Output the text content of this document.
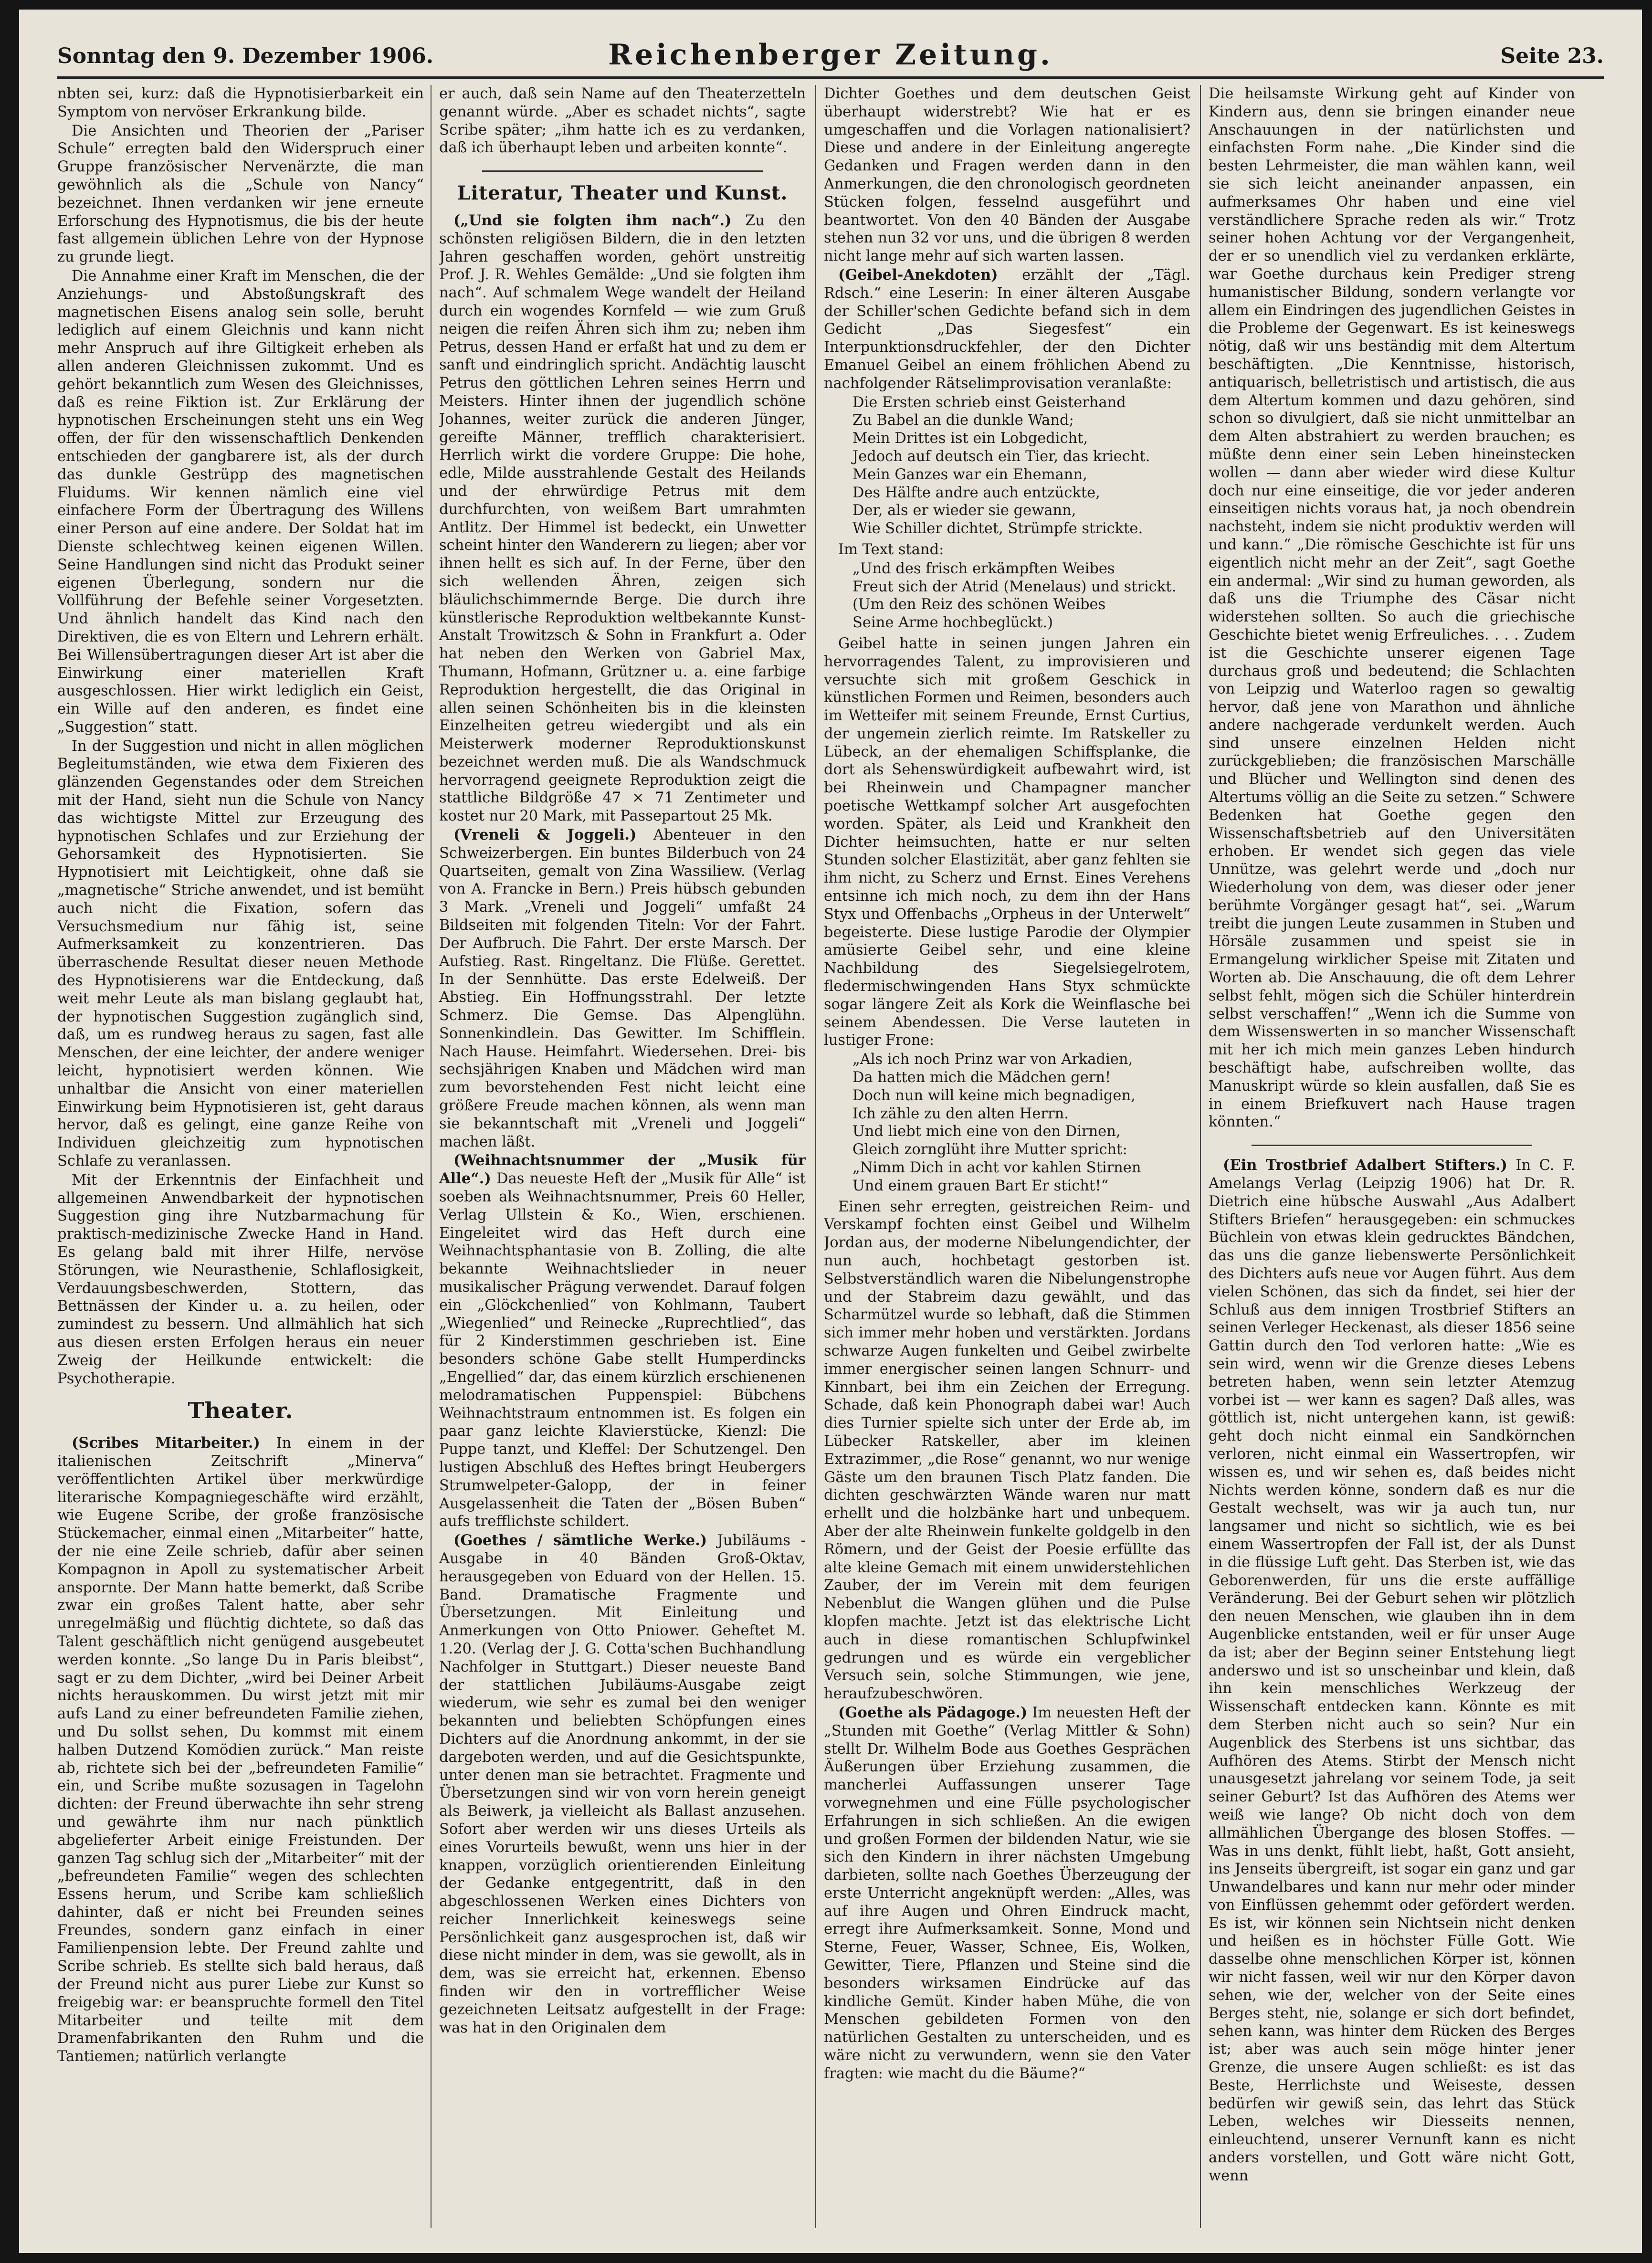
Sonntag den 9. Dezember 1906.	Reichenberger Zeitung.	Seite 23.

nbten sei, kurz: daß die Hypnotisierbarkeit ein Symptom von nervöser Erkrankung bilde.

Die Ansichten und Theorien der „Pariser Schule“ erregten bald den Widerspruch einer Gruppe französischer Nervenärzte, die man gewöhnlich als die „Schule von Nancy“ bezeichnet. Ihnen verdanken wir jene erneute Erforschung des Hypnotismus, die bis der heute fast allgemein üblichen Lehre von der Hypnose zu grunde liegt.

Die Annahme einer Kraft im Menschen, die der Anziehungs- und Abstoßungskraft des magnetischen Eisens analog sein solle, beruht lediglich auf einem Gleichnis und kann nicht mehr Anspruch auf ihre Giltigkeit erheben als allen anderen Gleichnissen zukommt. Und es gehört bekanntlich zum Wesen des Gleichnisses, daß es reine Fiktion ist. Zur Erklärung der hypnotischen Erscheinungen steht uns ein Weg offen, der für den wissenschaftlich Denkenden entschieden der gangbarere ist, als der durch das dunkle Gestrüpp des magnetischen Fluidums. Wir kennen nämlich eine viel einfachere Form der Übertragung des Willens einer Person auf eine andere. Der Soldat hat im Dienste schlechtweg keinen eigenen Willen. Seine Handlungen sind nicht das Produkt seiner eigenen Überlegung, sondern nur die Vollführung der Befehle seiner Vorgesetzten. Und ähnlich handelt das Kind nach den Direktiven, die es von Eltern und Lehrern erhält. Bei Willensübertragungen dieser Art ist aber die Einwirkung einer materiellen Kraft ausgeschlossen. Hier wirkt lediglich ein Geist, ein Wille auf den anderen, es findet eine „Suggestion“ statt.

In der Suggestion und nicht in allen möglichen Begleitumständen, wie etwa dem Fixieren des glänzenden Gegenstandes oder dem Streichen mit der Hand, sieht nun die Schule von Nancy das wichtigste Mittel zur Erzeugung des hypnotischen Schlafes und zur Erziehung der Gehorsamkeit des Hypnotisierten. Sie Hypnotisiert mit Leichtigkeit, ohne daß sie „magnetische“ Striche anwendet, und ist bemüht auch nicht die Fixation, sofern das Versuchsmedium nur fähig ist, seine Aufmerksamkeit zu konzentrieren. Das überraschende Resultat dieser neuen Methode des Hypnotisierens war die Entdeckung, daß weit mehr Leute als man bislang geglaubt hat, der hypnotischen Suggestion zugänglich sind, daß, um es rundweg heraus zu sagen, fast alle Menschen, der eine leichter, der andere weniger leicht, hypnotisiert werden können. Wie unhaltbar die Ansicht von einer materiellen Einwirkung beim Hypnotisieren ist, geht daraus hervor, daß es gelingt, eine ganze Reihe von Individuen gleichzeitig zum hypnotischen Schlafe zu veranlassen.

Mit der Erkenntnis der Einfachheit und allgemeinen Anwendbarkeit der hypnotischen Suggestion ging ihre Nutzbarmachung für praktisch-medizinische Zwecke Hand in Hand. Es gelang bald mit ihrer Hilfe, nervöse Störungen, wie Neurasthenie, Schlaflosigkeit, Verdauungsbeschwerden, Stottern, das Bettnässen der Kinder u. a. zu heilen, oder zumindest zu bessern. Und allmählich hat sich aus diesen ersten Erfolgen heraus ein neuer Zweig der Heilkunde entwickelt: die Psychotherapie.

Theater.

(Scribes Mitarbeiter.) In einem in der italienischen Zeitschrift „Minerva“ veröffentlichten Artikel über merkwürdige literarische Kompagniegeschäfte wird erzählt, wie Eugene Scribe, der große französische Stückemacher, einmal einen „Mitarbeiter“ hatte, der nie eine Zeile schrieb, dafür aber seinen Kompagnon in Apoll zu systematischer Arbeit anspornte. Der Mann hatte bemerkt, daß Scribe zwar ein großes Talent hatte, aber sehr unregelmäßig und flüchtig dichtete, so daß das Talent geschäftlich nicht genügend ausgebeutet werden konnte. „So lange Du in Paris bleibst“, sagt er zu dem Dichter, „wird bei Deiner Arbeit nichts herauskommen. Du wirst jetzt mit mir aufs Land zu einer befreundeten Familie ziehen, und Du sollst sehen, Du kommst mit einem halben Dutzend Komödien zurück.“ Man reiste ab, richtete sich bei der „befreundeten Familie“ ein, und Scribe mußte sozusagen in Tagelohn dichten: der Freund überwachte ihn sehr streng und gewährte ihm nur nach pünktlich abgelieferter Arbeit einige Freistunden. Der ganzen Tag schlug sich der „Mitarbeiter“ mit der „befreundeten Familie“ wegen des schlechten Essens herum, und Scribe kam schließlich dahinter, daß er nicht bei Freunden seines Freundes, sondern ganz einfach in einer Familienpension lebte. Der Freund zahlte und Scribe schrieb. Es stellte sich bald heraus, daß der Freund nicht aus purer Liebe zur Kunst so freigebig war: er beanspruchte formell den Titel Mitarbeiter und teilte mit dem Dramenfabrikanten den Ruhm und die Tantiemen; natürlich verlangte

er auch, daß sein Name auf den Theaterzetteln genannt würde. „Aber es schadet nichts“, sagte Scribe später; „ihm hatte ich es zu verdanken, daß ich überhaupt leben und arbeiten konnte“.

Literatur, Theater und Kunst.

(„Und sie folgten ihm nach“.) Zu den schönsten religiösen Bildern, die in den letzten Jahren geschaffen worden, gehört unstreitig Prof. J. R. Wehles Gemälde: „Und sie folgten ihm nach“. Auf schmalem Wege wandelt der Heiland durch ein wogendes Kornfeld — wie zum Gruß neigen die reifen Ähren sich ihm zu; neben ihm Petrus, dessen Hand er erfaßt hat und zu dem er sanft und eindringlich spricht. Andächtig lauscht Petrus den göttlichen Lehren seines Herrn und Meisters. Hinter ihnen der jugendlich schöne Johannes, weiter zurück die anderen Jünger, gereifte Männer, trefflich charakterisiert. Herrlich wirkt die vordere Gruppe: Die hohe, edle, Milde ausstrahlende Gestalt des Heilands und der ehrwürdige Petrus mit dem durchfurchten, von weißem Bart umrahmten Antlitz. Der Himmel ist bedeckt, ein Unwetter scheint hinter den Wanderern zu liegen; aber vor ihnen hellt es sich auf. In der Ferne, über den sich wellenden Ähren, zeigen sich bläulichschimmernde Berge. Die durch ihre künstlerische Reproduktion weltbekannte Kunst-Anstalt Trowitzsch & Sohn in Frankfurt a. Oder hat neben den Werken von Gabriel Max, Thumann, Hofmann, Grützner u. a. eine farbige Reproduktion hergestellt, die das Original in allen seinen Schönheiten bis in die kleinsten Einzelheiten getreu wiedergibt und als ein Meisterwerk moderner Reproduktionskunst bezeichnet werden muß. Die als Wandschmuck hervorragend geeignete Reproduktion zeigt die stattliche Bildgröße 47 × 71 Zentimeter und kostet nur 20 Mark, mit Passepartout 25 Mk.

(Vreneli & Joggeli.) Abenteuer in den Schweizerbergen. Ein buntes Bilderbuch von 24 Quartseiten, gemalt von Zina Wassiliew. (Verlag von A. Francke in Bern.) Preis hübsch gebunden 3 Mark. „Vreneli und Joggeli“ umfaßt 24 Bildseiten mit folgenden Titeln: Vor der Fahrt. Der Aufbruch. Die Fahrt. Der erste Marsch. Der Aufstieg. Rast. Ringeltanz. Die Flüße. Gerettet. In der Sennhütte. Das erste Edelweiß. Der Abstieg. Ein Hoffnungsstrahl. Der letzte Schmerz. Die Gemse. Das Alpenglühn. Sonnenkindlein. Das Gewitter. Im Schifflein. Nach Hause. Heimfahrt. Wiedersehen. Drei- bis sechsjährigen Knaben und Mädchen wird man zum bevorstehenden Fest nicht leicht eine größere Freude machen können, als wenn man sie bekanntschaft mit „Vreneli und Joggeli“ machen läßt.

(Weihnachtsnummer der „Musik für Alle“.) Das neueste Heft der „Musik für Alle“ ist soeben als Weihnachtsnummer, Preis 60 Heller, Verlag Ullstein & Ko., Wien, erschienen. Eingeleitet wird das Heft durch eine Weihnachtsphantasie von B. Zolling, die alte bekannte Weihnachtslieder in neuer musikalischer Prägung verwendet. Darauf folgen ein „Glöckchenlied“ von Kohlmann, Taubert „Wiegenlied“ und Reinecke „Ruprechtlied“, das für 2 Kinderstimmen geschrieben ist. Eine besonders schöne Gabe stellt Humperdincks „Engellied“ dar, das einem kürzlich erschienenen melodramatischen Puppenspiel: Bübchens Weihnachtstraum entnommen ist. Es folgen ein paar ganz leichte Klavierstücke, Kienzl: Die Puppe tanzt, und Kleffel: Der Schutzengel. Den lustigen Abschluß des Heftes bringt Heubergers Strumwelpeter-Galopp, der in feiner Ausgelassenheit die Taten der „Bösen Buben“ aufs trefflichste schildert.

(Goethes / sämtliche Werke.) Jubiläums - Ausgabe in 40 Bänden Groß-Oktav, herausgegeben von Eduard von der Hellen. 15. Band. Dramatische Fragmente und Übersetzungen. Mit Einleitung und Anmerkungen von Otto Pniower. Geheftet M. 1.20. (Verlag der J. G. Cotta'schen Buchhandlung Nachfolger in Stuttgart.) Dieser neueste Band der stattlichen Jubiläums-Ausgabe zeigt wiederum, wie sehr es zumal bei den weniger bekannten und beliebten Schöpfungen eines Dichters auf die Anordnung ankommt, in der sie dargeboten werden, und auf die Gesichtspunkte, unter denen man sie betrachtet. Fragmente und Übersetzungen sind wir von vorn herein geneigt als Beiwerk, ja vielleicht als Ballast anzusehen. Sofort aber werden wir uns dieses Urteils als eines Vorurteils bewußt, wenn uns hier in der knappen, vorzüglich orientierenden Einleitung der Gedanke entgegentritt, daß in den abgeschlossenen Werken eines Dichters von reicher Innerlichkeit keineswegs seine Persönlichkeit ganz ausgesprochen ist, daß wir diese nicht minder in dem, was sie gewollt, als in dem, was sie erreicht hat, erkennen. Ebenso finden wir den in vortrefflicher Weise gezeichneten Leitsatz aufgestellt in der Frage: was hat in den Originalen dem

Dichter Goethes und dem deutschen Geist überhaupt widerstrebt? Wie hat er es umgeschaffen und die Vorlagen nationalisiert? Diese und andere in der Einleitung angeregte Gedanken und Fragen werden dann in den Anmerkungen, die den chronologisch geordneten Stücken folgen, fesselnd ausgeführt und beantwortet. Von den 40 Bänden der Ausgabe stehen nun 32 vor uns, und die übrigen 8 werden nicht lange mehr auf sich warten lassen.

(Geibel-Anekdoten) erzählt der „Tägl. Rdsch.“ eine Leserin: In einer älteren Ausgabe der Schiller'schen Gedichte befand sich in dem Gedicht „Das Siegesfest“ ein Interpunktionsdruckfehler, der den Dichter Emanuel Geibel an einem fröhlichen Abend zu nachfolgender Rätselimprovisation veranlaßte:

Die Ersten schrieb einst Geisterhand
Zu Babel an die dunkle Wand;
Mein Drittes ist ein Lobgedicht,
Jedoch auf deutsch ein Tier, das kriecht.
Mein Ganzes war ein Ehemann,
Des Hälfte andre auch entzückte,
Der, als er wieder sie gewann,
Wie Schiller dichtet, Strümpfe strickte.

Im Text stand:

„Und des frisch erkämpften Weibes
Freut sich der Atrid (Menelaus) und strickt.
(Um den Reiz des schönen Weibes
Seine Arme hochbeglückt.)

Geibel hatte in seinen jungen Jahren ein hervorragendes Talent, zu improvisieren und versuchte sich mit großem Geschick in künstlichen Formen und Reimen, besonders auch im Wetteifer mit seinem Freunde, Ernst Curtius, der ungemein zierlich reimte. Im Ratskeller zu Lübeck, an der ehemaligen Schiffsplanke, die dort als Sehenswürdigkeit aufbewahrt wird, ist bei Rheinwein und Champagner mancher poetische Wettkampf solcher Art ausgefochten worden. Später, als Leid und Krankheit den Dichter heimsuchten, hatte er nur selten Stunden solcher Elastizität, aber ganz fehlten sie ihm nicht, zu Scherz und Ernst. Eines Verehens entsinne ich mich noch, zu dem ihn der Hans Styx und Offenbachs „Orpheus in der Unterwelt“ begeisterte. Diese lustige Parodie der Olympier amüsierte Geibel sehr, und eine kleine Nachbildung des Siegelsiegelrotem, fledermischwingenden Hans Styx schmückte sogar längere Zeit als Kork die Weinflasche bei seinem Abendessen. Die Verse lauteten in lustiger Frone:

„Als ich noch Prinz war von Arkadien,
Da hatten mich die Mädchen gern!
Doch nun will keine mich begnadigen,
Ich zähle zu den alten Herrn.
Und liebt mich eine von den Dirnen,
Gleich zornglüht ihre Mutter spricht:
„Nimm Dich in acht vor kahlen Stirnen
Und einem grauen Bart Er sticht!“

Einen sehr erregten, geistreichen Reim- und Verskampf fochten einst Geibel und Wilhelm Jordan aus, der moderne Nibelungendichter, der nun auch, hochbetagt gestorben ist. Selbstverständlich waren die Nibelungenstrophe und der Stabreim dazu gewählt, und das Scharmützel wurde so lebhaft, daß die Stimmen sich immer mehr hoben und verstärkten. Jordans schwarze Augen funkelten und Geibel zwirbelte immer energischer seinen langen Schnurr- und Kinnbart, bei ihm ein Zeichen der Erregung. Schade, daß kein Phonograph dabei war! Auch dies Turnier spielte sich unter der Erde ab, im Lübecker Ratskeller, aber im kleinen Extrazimmer, „die Rose“ genannt, wo nur wenige Gäste um den braunen Tisch Platz fanden. Die dichten geschwärzten Wände waren nur matt erhellt und die holzbänke hart und unbequem. Aber der alte Rheinwein funkelte goldgelb in den Römern, und der Geist der Poesie erfüllte das alte kleine Gemach mit einem unwiderstehlichen Zauber, der im Verein mit dem feurigen Nebenblut die Wangen glühen und die Pulse klopfen machte. Jetzt ist das elektrische Licht auch in diese romantischen Schlupfwinkel gedrungen und es würde ein vergeblicher Versuch sein, solche Stimmungen, wie jene, heraufzubeschwören.

(Goethe als Pädagoge.) Im neuesten Heft der „Stunden mit Goethe“ (Verlag Mittler & Sohn) stellt Dr. Wilhelm Bode aus Goethes Gesprächen Äußerungen über Erziehung zusammen, die mancherlei Auffassungen unserer Tage vorwegnehmen und eine Fülle psychologischer Erfahrungen in sich schließen. An die ewigen und großen Formen der bildenden Natur, wie sie sich den Kindern in ihrer nächsten Umgebung darbieten, sollte nach Goethes Überzeugung der erste Unterricht angeknüpft werden: „Alles, was auf ihre Augen und Ohren Eindruck macht, erregt ihre Aufmerksamkeit. Sonne, Mond und Sterne, Feuer, Wasser, Schnee, Eis, Wolken, Gewitter, Tiere, Pflanzen und Steine sind die besonders wirksamen Eindrücke auf das kindliche Gemüt. Kinder haben Mühe, die von Menschen gebildeten Formen von den natürlichen Gestalten zu unterscheiden, und es wäre nicht zu verwundern, wenn sie den Vater fragten: wie macht du die Bäume?“

Die heilsamste Wirkung geht auf Kinder von Kindern aus, denn sie bringen einander neue Anschauungen in der natürlichsten und einfachsten Form nahe. „Die Kinder sind die besten Lehrmeister, die man wählen kann, weil sie sich leicht aneinander anpassen, ein aufmerksames Ohr haben und eine viel verständlichere Sprache reden als wir.“ Trotz seiner hohen Achtung vor der Vergangenheit, der er so unendlich viel zu verdanken erklärte, war Goethe durchaus kein Prediger streng humanistischer Bildung, sondern verlangte vor allem ein Eindringen des jugendlichen Geistes in die Probleme der Gegenwart. Es ist keineswegs nötig, daß wir uns beständig mit dem Altertum beschäftigten. „Die Kenntnisse, historisch, antiquarisch, belletristisch und artistisch, die aus dem Altertum kommen und dazu gehören, sind schon so divulgiert, daß sie nicht unmittelbar an dem Alten abstrahiert zu werden brauchen; es müßte denn einer sein Leben hineinstecken wollen — dann aber wieder wird diese Kultur doch nur eine einseitige, die vor jeder anderen einseitigen nichts voraus hat, ja noch obendrein nachsteht, indem sie nicht produktiv werden will und kann.“ „Die römische Geschichte ist für uns eigentlich nicht mehr an der Zeit“, sagt Goethe ein andermal: „Wir sind zu human geworden, als daß uns die Triumphe des Cäsar nicht widerstehen sollten. So auch die griechische Geschichte bietet wenig Erfreuliches. . . . Zudem ist die Geschichte unserer eigenen Tage durchaus groß und bedeutend; die Schlachten von Leipzig und Waterloo ragen so gewaltig hervor, daß jene von Marathon und ähnliche andere nachgerade verdunkelt werden. Auch sind unsere einzelnen Helden nicht zurückgeblieben; die französischen Marschälle und Blücher und Wellington sind denen des Altertums völlig an die Seite zu setzen.“ Schwere Bedenken hat Goethe gegen den Wissenschaftsbetrieb auf den Universitäten erhoben. Er wendet sich gegen das viele Unnütze, was gelehrt werde und „doch nur Wiederholung von dem, was dieser oder jener berühmte Vorgänger gesagt hat“, sei. „Warum treibt die jungen Leute zusammen in Stuben und Hörsäle zusammen und speist sie in Ermangelung wirklicher Speise mit Zitaten und Worten ab. Die Anschauung, die oft dem Lehrer selbst fehlt, mögen sich die Schüler hinterdrein selbst verschaffen!“ „Wenn ich die Summe von dem Wissenswerten in so mancher Wissenschaft mit her ich mich mein ganzes Leben hindurch beschäftigt habe, aufschreiben wollte, das Manuskript würde so klein ausfallen, daß Sie es in einem Briefkuvert nach Hause tragen könnten.“

(Ein Trostbrief Adalbert Stifters.) In C. F. Amelangs Verlag (Leipzig 1906) hat Dr. R. Dietrich eine hübsche Auswahl „Aus Adalbert Stifters Briefen“ herausgegeben: ein schmuckes Büchlein von etwas klein gedrucktes Bändchen, das uns die ganze liebenswerte Persönlichkeit des Dichters aufs neue vor Augen führt. Aus dem vielen Schönen, das sich da findet, sei hier der Schluß aus dem innigen Trostbrief Stifters an seinen Verleger Heckenast, als dieser 1856 seine Gattin durch den Tod verloren hatte: „Wie es sein wird, wenn wir die Grenze dieses Lebens betreten haben, wenn sein letzter Atemzug vorbei ist — wer kann es sagen? Daß alles, was göttlich ist, nicht untergehen kann, ist gewiß: geht doch nicht einmal ein Sandkörnchen verloren, nicht einmal ein Wassertropfen, wir wissen es, und wir sehen es, daß beides nicht Nichts werden könne, sondern daß es nur die Gestalt wechselt, was wir ja auch tun, nur langsamer und nicht so sichtlich, wie es bei einem Wassertropfen der Fall ist, der als Dunst in die flüssige Luft geht. Das Sterben ist, wie das Geborenwerden, für uns die erste auffällige Veränderung. Bei der Geburt sehen wir plötzlich den neuen Menschen, wie glauben ihn in dem Augenblicke entstanden, weil er für unser Auge da ist; aber der Beginn seiner Entstehung liegt anderswo und ist so unscheinbar und klein, daß ihn kein menschliches Werkzeug der Wissenschaft entdecken kann. Könnte es mit dem Sterben nicht auch so sein? Nur ein Augenblick des Sterbens ist uns sichtbar, das Aufhören des Atems. Stirbt der Mensch nicht unausgesetzt jahrelang vor seinem Tode, ja seit seiner Geburt? Ist das Aufhören des Atems wer weiß wie lange? Ob nicht doch von dem allmählichen Übergange des blosen Stoffes. — Was in uns denkt, fühlt liebt, haßt, Gott ansieht, ins Jenseits übergreift, ist sogar ein ganz und gar Unwandelbares und kann nur mehr oder minder von Einflüssen gehemmt oder gefördert werden. Es ist, wir können sein Nichtsein nicht denken und heißen es in höchster Fülle Gott. Wie dasselbe ohne menschlichen Körper ist, können wir nicht fassen, weil wir nur den Körper davon sehen, wie der, welcher von der Seite eines Berges steht, nie, solange er sich dort befindet, sehen kann, was hinter dem Rücken des Berges ist; aber was auch sein möge hinter jener Grenze, die unsere Augen schließt: es ist das Beste, Herrlichste und Weiseste, dessen bedürfen wir gewiß sein, das lehrt das Stück Leben, welches wir Diesseits nennen, einleuchtend, unserer Vernunft kann es nicht anders vorstellen, und Gott wäre nicht Gott, wenn
